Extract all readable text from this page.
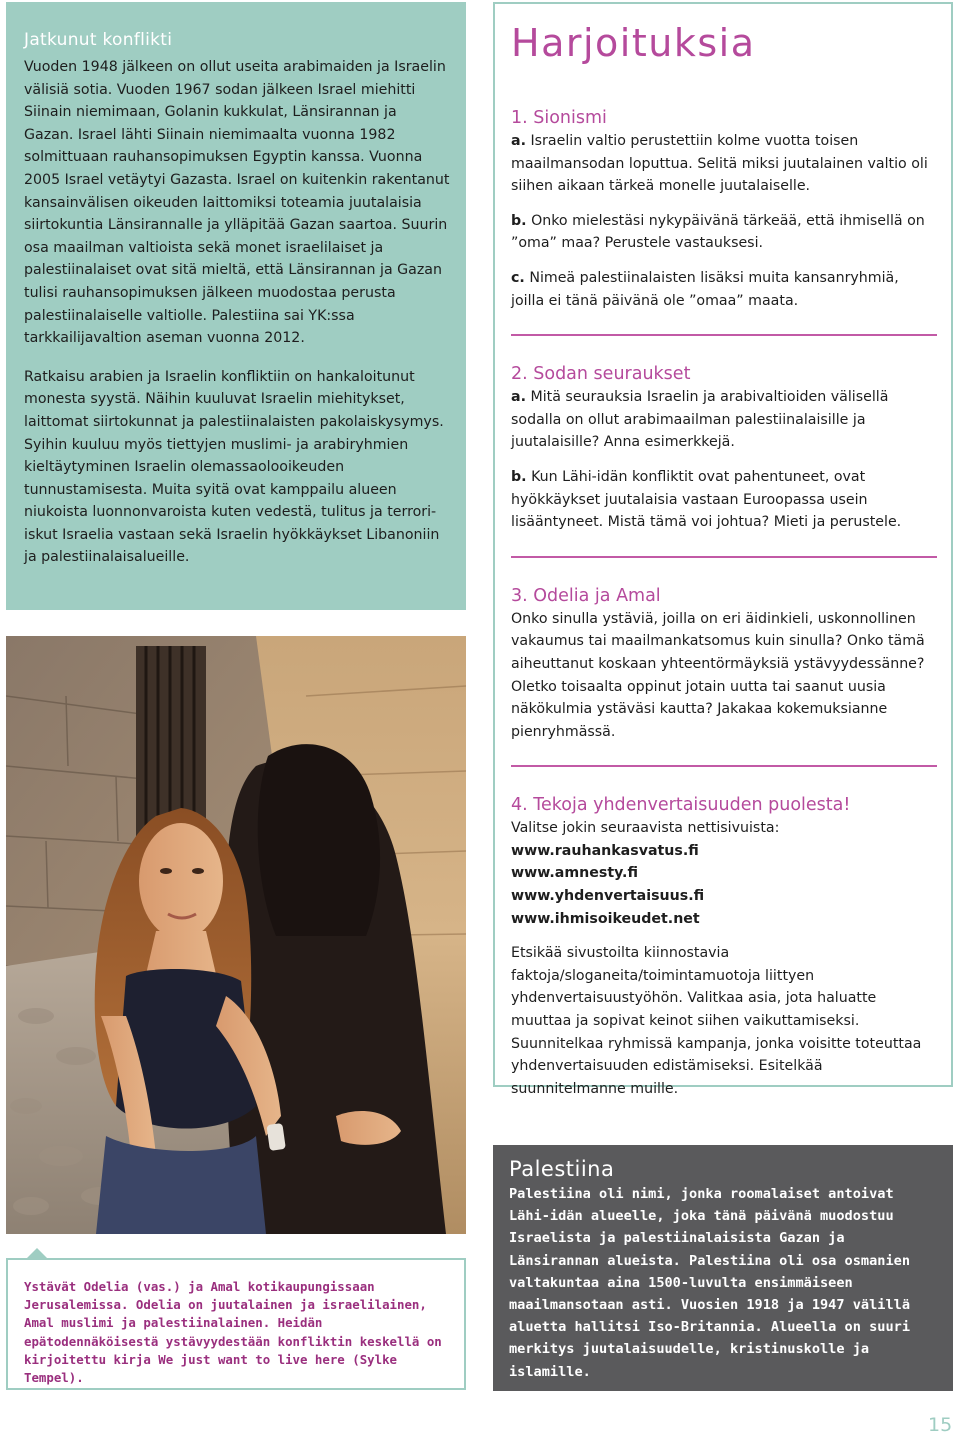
Jatkunut konflikti

Vuoden 1948 jälkeen on ollut useita arabimaiden ja Israelin välisiä sotia. Vuoden 1967 sodan jälkeen Israel miehitti Siinain niemimaan, Golanin kukkulat, Länsirannan ja Gazan. Israel lähti Siinain niemimaalta vuonna 1982 solmittuaan rauhansopimuksen Egyptin kanssa. Vuonna 2005 Israel vetäytyi Gazasta. Israel on kuitenkin rakentanut kansainvälisen oikeuden laittomiksi toteamia juutalaisia siirtokuntia Länsirannalle ja ylläpitää Gazan saartoa. Suurin osa maailman valtioista sekä monet israelilaiset ja palestiinalaiset ovat sitä mieltä, että Länsirannan ja Gazan tulisi rauhansopimuksen jälkeen muodostaa perusta palestiinalaiselle valtiolle. Palestiina sai YK:ssa tarkkailijavaltion aseman vuonna 2012.

Ratkaisu arabien ja Israelin konfliktiin on hankaloitunut monesta syystä. Näihin kuuluvat Israelin miehitykset, laittomat siirtokunnat ja palestiinalaisten pakolaiskysymys. Syihin kuuluu myös tiettyjen muslimi- ja arabiryhmien kieltäytyminen Israelin olemassaolooikeuden tunnustamisesta. Muita syitä ovat kamppailu alueen niukoista luonnonvaroista kuten vedestä, tulitus ja terrori-iskut Israelia vastaan sekä Israelin hyökkäykset Libanoniin ja palestiinalaisalueille.

Ystävät Odelia (vas.) ja Amal kotikaupungissaan Jerusalemissa. Odelia on juutalainen ja israelilainen, Amal muslimi ja palestiinalainen. Heidän epätodennäköisestä ystävyydestään konfliktin keskellä on kirjoitettu kirja We just want to live here (Sylke Tempel).

Harjoituksia
1. Sionismi

a. Israelin valtio perustettiin kolme vuotta toisen maailmansodan loputtua. Selitä miksi juutalainen valtio oli siihen aikaan tärkeä monelle juutalaiselle.

b. Onko mielestäsi nykypäivänä tärkeää, että ihmisellä on ”oma” maa? Perustele vastauksesi.

c. Nimeä palestiinalaisten lisäksi muita kansanryhmiä, joilla ei tänä päivänä ole ”omaa” maata.

2. Sodan seuraukset

a. Mitä seurauksia Israelin ja arabivaltioiden välisellä sodalla on ollut arabimaailman palestiinalaisille ja juutalaisille? Anna esimerkkejä.

b. Kun Lähi-idän konfliktit ovat pahentuneet, ovat hyökkäykset juutalaisia vastaan Euroopassa usein lisääntyneet. Mistä tämä voi johtua? Mieti ja perustele.

3. Odelia ja Amal

Onko sinulla ystäviä, joilla on eri äidinkieli, uskonnollinen vakaumus tai maailmankatsomus kuin sinulla? Onko tämä aiheuttanut koskaan yhteentörmäyksiä ystävyydessänne? Oletko toisaalta oppinut jotain uutta tai saanut uusia näkökulmia ystäväsi kautta? Jakakaa kokemuksianne pienryhmässä.

4. Tekoja yhdenvertaisuuden puolesta!

Valitse jokin seuraavista nettisivuista:

www.rauhankasvatus.fi
www.amnesty.fi
www.yhdenvertaisuus.fi
www.ihmisoikeudet.net

Etsikää sivustoilta kiinnostavia faktoja/sloganeita/toimintamuotoja liittyen yhdenvertaisuustyöhön. Valitkaa asia, jota haluatte muuttaa ja sopivat keinot siihen vaikuttamiseksi. Suunnitelkaa ryhmissä kampanja, jonka voisitte toteuttaa yhdenvertaisuuden edistämiseksi. Esitelkää suunnitelmanne muille.

Palestiina

Palestiina oli nimi, jonka roomalaiset antoivat Lähi-idän alueelle, joka tänä päivänä muodostuu Israelista ja palestiinalaisista Gazan ja Länsirannan alueista. Palestiina oli osa osmanien valtakuntaa aina 1500-luvulta ensimmäiseen maailmansotaan asti. Vuosien 1918 ja 1947 välillä aluetta hallitsi Iso-Britannia. Alueella on suuri merkitys juutalaisuudelle, kristinuskolle ja islamille.

15
